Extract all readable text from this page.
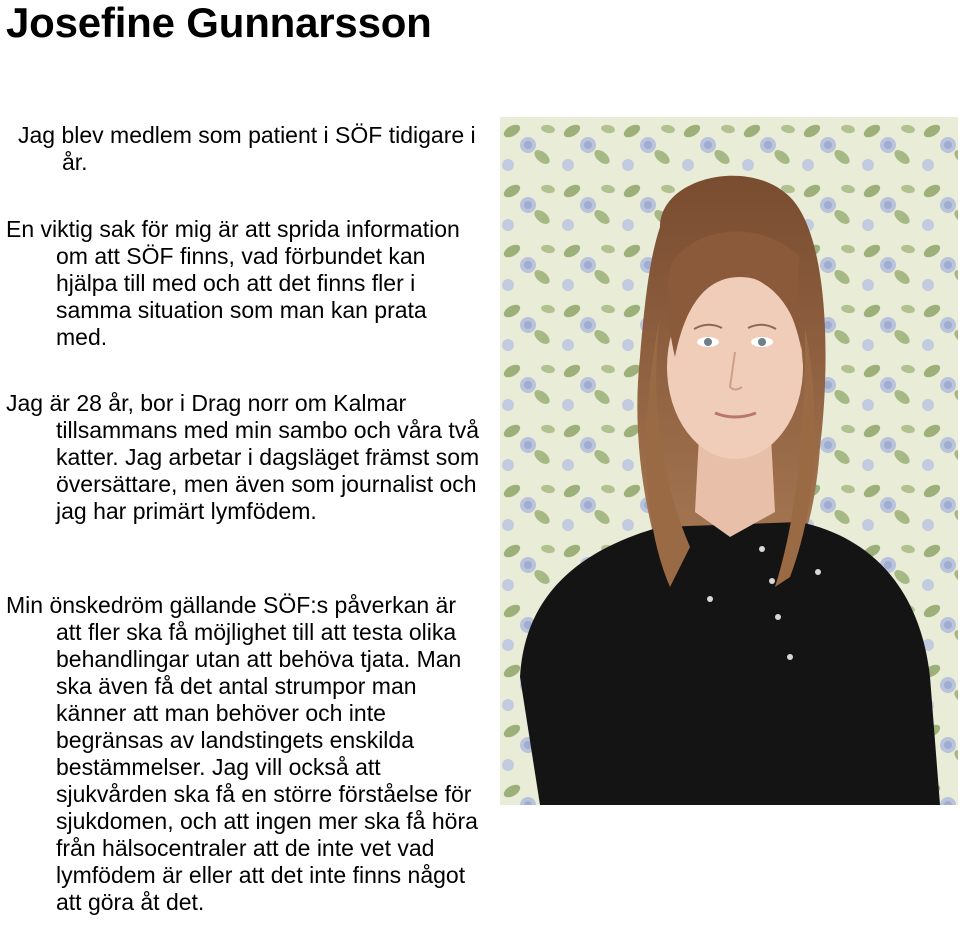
Josefine Gunnarsson

Jag blev medlem som patient i SÖF tidigare i år.

En viktig sak för mig är att sprida information om att SÖF finns, vad förbundet kan hjälpa till med och att det finns fler i samma situation som man kan prata med.

Jag är 28 år, bor i Drag norr om Kalmar tillsammans med min sambo och våra två katter. Jag arbetar i dagsläget främst som översättare, men även som journalist och jag har primärt lymfödem.

Min önskedröm gällande SÖF:s påverkan är att fler ska få möjlighet till att testa olika behandlingar utan att behöva tjata. Man ska även få det antal strumpor man känner att man behöver och inte begränsas av landstingets enskilda bestämmelser. Jag vill också att sjukvården ska få en större förståelse för sjukdomen, och att ingen mer ska få höra från hälsocentraler att de inte vet vad lymfödem är eller att det inte finns något att göra åt det.
